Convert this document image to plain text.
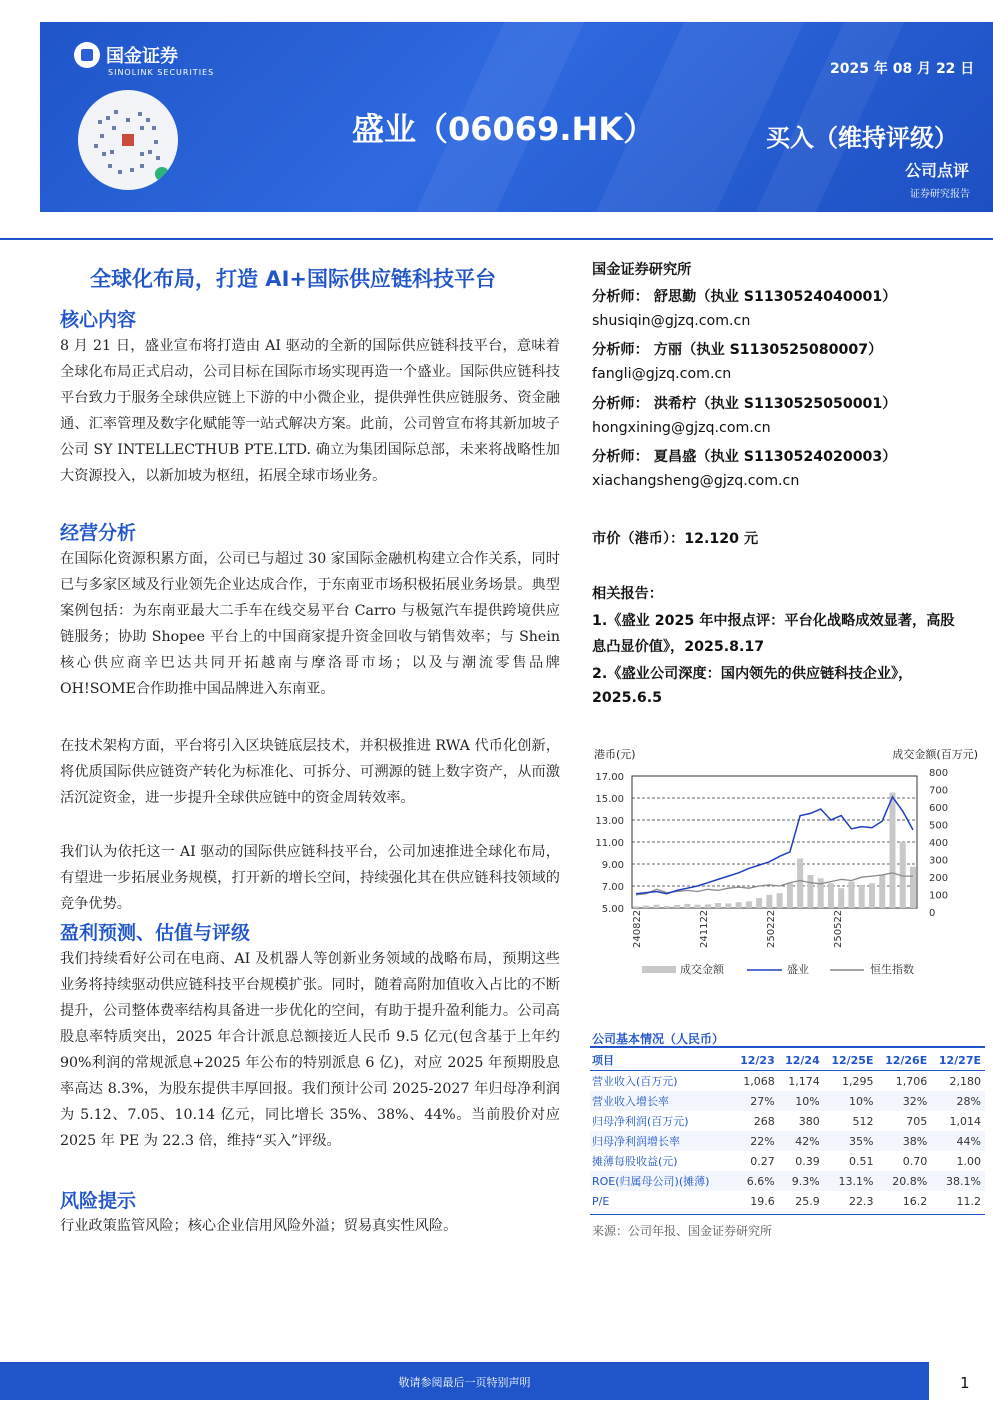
国金证券
SINOLINK SECURITIES	2025 年 08 月 22 日
盛业（06069.HK）	买入（维持评级）
公司点评
证券研究报告
全球化布局，打造 AI+国际供应链科技平台
核心内容
8 月 21 日，盛业宣布将打造由 AI 驱动的全新的国际供应链科技平台，意味着全球化布局正式启动，公司目标在国际市场实现再造一个盛业。国际供应链科技平台致力于服务全球供应链上下游的中小微企业，提供弹性供应链服务、资金融通、汇率管理及数字化赋能等一站式解决方案。此前，公司曾宣布将其新加坡子公司 SY INTELLECTHUB PTE.LTD. 确立为集团国际总部，未来将战略性加大资源投入，以新加坡为枢纽，拓展全球市场业务。
经营分析
在国际化资源积累方面，公司已与超过 30 家国际金融机构建立合作关系，同时已与多家区域及行业领先企业达成合作，于东南亚市场积极拓展业务场景。典型案例包括：为东南亚最大二手车在线交易平台 Carro 与极氪汽车提供跨境供应链服务；协助 Shopee 平台上的中国商家提升资金回收与销售效率；与 Shein 核心供应商辛巴达共同开拓越南与摩洛哥市场；以及与潮流零售品牌OH!SOME合作助推中国品牌进入东南亚。
在技术架构方面，平台将引入区块链底层技术，并积极推进 RWA 代币化创新，将优质国际供应链资产转化为标准化、可拆分、可溯源的链上数字资产，从而激活沉淀资金，进一步提升全球供应链中的资金周转效率。
我们认为依托这一 AI 驱动的国际供应链科技平台，公司加速推进全球化布局，有望进一步拓展业务规模，打开新的增长空间，持续强化其在供应链科技领域的竞争优势。
盈利预测、估值与评级
我们持续看好公司在电商、AI 及机器人等创新业务领域的战略布局，预期这些业务将持续驱动供应链科技平台规模扩张。同时，随着高附加值收入占比的不断提升，公司整体费率结构具备进一步优化的空间，有助于提升盈利能力。公司高股息率特质突出，2025 年合计派息总额接近人民币 9.5 亿元(包含基于上年约 90%利润的常规派息+2025 年公布的特别派息 6 亿)，对应 2025 年预期股息率高达 8.3%，为股东提供丰厚回报。我们预计公司 2025-2027 年归母净利润为 5.12、7.05、10.14 亿元，同比增长 35%、38%、44%。当前股价对应 2025 年 PE 为 22.3 倍，维持“买入”评级。
风险提示
行业政策监管风险；核心企业信用风险外溢；贸易真实性风险。
国金证券研究所
分析师： 舒思勤（执业 S1130524040001）
shusiqin@gjzq.com.cn
分析师： 方丽（执业 S1130525080007）
fangli@gjzq.com.cn
分析师： 洪希柠（执业 S1130525050001）
hongxining@gjzq.com.cn
分析师： 夏昌盛（执业 S1130524020003）
xiachangsheng@gjzq.com.cn
市价（港币）：12.120 元
相关报告：
1.《盛业 2025 年中报点评：平台化战略成效显著，高股
息凸显价值》，2025.8.17
2.《盛业公司深度：国内领先的供应链科技企业》，
2025.6.5
港币(元)	成交金额(百万元)
17.00
15.00
13.00
11.00
9.00
7.00
5.00
800
700
600
500
400
300
200
100
0
240822	241122	250222	250522
成交金额	盛业	恒生指数
公司基本情况（人民币）
项目	12/23	12/24	12/25E	12/26E	12/27E
营业收入(百万元)	1,068	1,174	1,295	1,706	2,180
营业收入增长率	27%	10%	10%	32%	28%
归母净利润(百万元)	268	380	512	705	1,014
归母净利润增长率	22%	42%	35%	38%	44%
摊薄每股收益(元)	0.27	0.39	0.51	0.70	1.00
ROE(归属母公司)(摊薄)	6.6%	9.3%	13.1%	20.8%	38.1%
P/E	19.6	25.9	22.3	16.2	11.2
来源：公司年报、国金证券研究所
敬请参阅最后一页特别声明	1
